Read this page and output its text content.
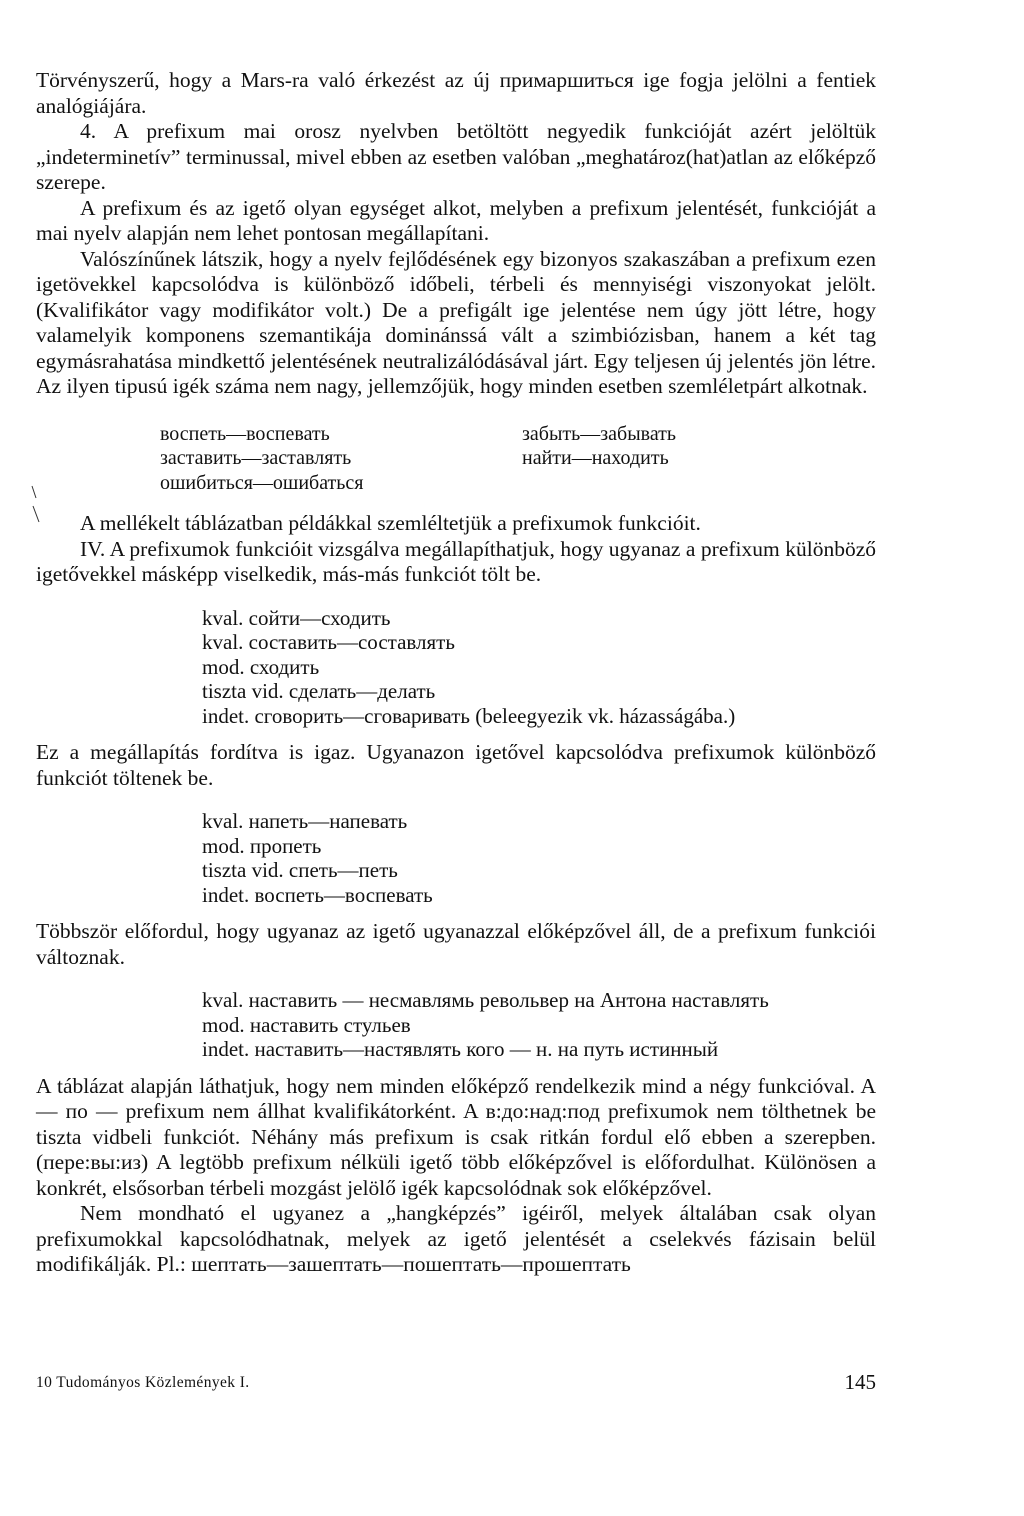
Törvényszerű, hogy a Mars-ra való érkezést az új примаршиться ige fogja jelölni a fentiek analógiájára.

4. A prefixum mai orosz nyelvben betöltött negyedik funkcióját azért jelöltük „indeterminetív” terminussal, mivel ebben az esetben valóban „meghatároz(hat)atlan az előképző szerepe.

A prefixum és az igető olyan egységet alkot, melyben a prefixum jelentését, funkcióját a mai nyelv alapján nem lehet pontosan megállapítani.

Valószínűnek látszik, hogy a nyelv fejlődésének egy bizonyos szakaszában a prefixum ezen igetövekkel kapcsolódva is különböző időbeli, térbeli és mennyiségi viszonyokat jelölt. (Kvalifikátor vagy modifikátor volt.) De a prefigált ige jelentése nem úgy jött létre, hogy valamelyik komponens szemantikája dominánssá vált a szimbiózisban, hanem a két tag egymásrahatása mindkettő jelentésének neutralizálódásával járt. Egy teljesen új jelentés jön létre. Az ilyen tipusú igék száma nem nagy, jellemzőjük, hogy minden esetben szemléletpárt alkotnak.

воспеть—воспевать
заставить—заставлять
ошибиться—ошибаться
забыть—забывать
найти—находить

A mellékelt táblázatban példákkal szemléltetjük a prefixumok funkcióit.

IV. A prefixumok funkcióit vizsgálva megállapíthatjuk, hogy ugyanaz a prefixum különböző igetővekkel másképp viselkedik, más-más funkciót tölt be.

kval. сойти—сходить
kval. составить—составлять
mod. сходить
tiszta vid. сделать—делать
indet. сговорить—сговаривать (beleegyezik vk. házasságába.)

Ez a megállapítás fordítva is igaz. Ugyanazon igetővel kapcsolódva prefixumok különböző funkciót töltenek be.

kval. напеть—напевать
mod. пропеть
tiszta vid. спеть—петь
indet. воспеть—воспевать

Többször előfordul, hogy ugyanaz az igető ugyanazzal előképzővel áll, de a prefixum funkciói változnak.

kval. наставить — несмавлямь револьвер на Антона наставлять
mod. наставить стульев
indet. наставить—настявлять кого — н. на путь истинный

A táblázat alapján láthatjuk, hogy nem minden előképző rendelkezik mind a négy funkcióval. A — по — prefixum nem állhat kvalifikátorként. A в:до:над:под prefixumok nem tölthetnek be tiszta vidbeli funkciót. Néhány más prefixum is csak ritkán fordul elő ebben a szerepben. (пере:вы:из) A legtöbb prefixum nélküli igető több előképzővel is előfordulhat. Különösen a konkrét, elsősorban térbeli mozgást jelölő igék kapcsolódnak sok előképzővel.

Nem mondható el ugyanez a „hangképzés” igéiről, melyek általában csak olyan prefixumokkal kapcsolódhatnak, melyek az igető jelentését a cselekvés fázisain belül modifikálják. Pl.: шептать—зашептать—пошептать—прошептать

10 Tudományos Közlemények I.	145
